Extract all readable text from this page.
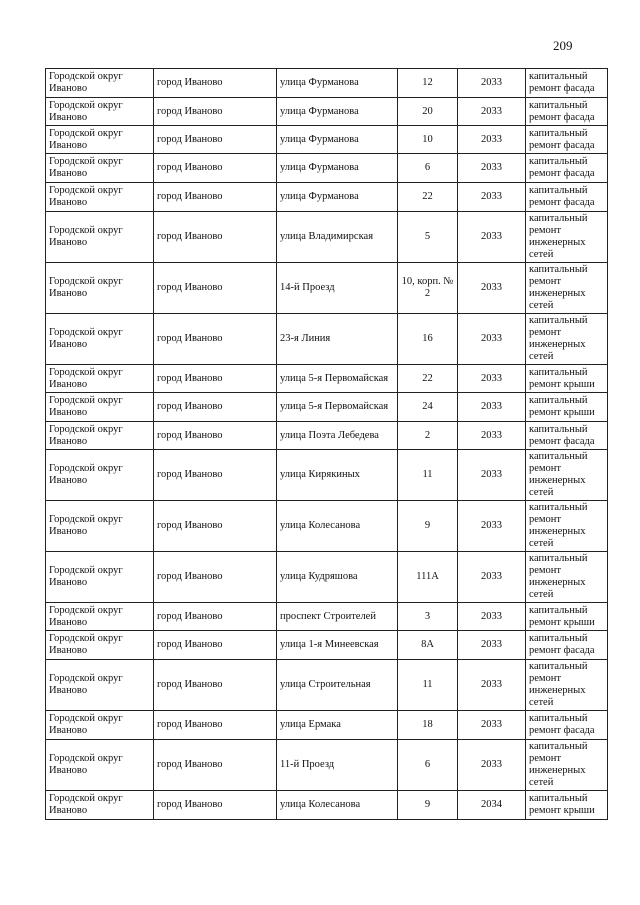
209
Городской округ Иваново	город Иваново	улица Фурманова	12	2033	капитальный ремонт фасада
Городской округ Иваново	город Иваново	улица Фурманова	20	2033	капитальный ремонт фасада
Городской округ Иваново	город Иваново	улица Фурманова	10	2033	капитальный ремонт фасада
Городской округ Иваново	город Иваново	улица Фурманова	6	2033	капитальный ремонт фасада
Городской округ Иваново	город Иваново	улица Фурманова	22	2033	капитальный ремонт фасада
Городской округ Иваново	город Иваново	улица Владимирская	5	2033	капитальный ремонт инженерных сетей
Городской округ Иваново	город Иваново	14-й Проезд	10, корп. № 2	2033	капитальный ремонт инженерных сетей
Городской округ Иваново	город Иваново	23-я Линия	16	2033	капитальный ремонт инженерных сетей
Городской округ Иваново	город Иваново	улица 5-я Первомайская	22	2033	капитальный ремонт крыши
Городской округ Иваново	город Иваново	улица 5-я Первомайская	24	2033	капитальный ремонт крыши
Городской округ Иваново	город Иваново	улица Поэта Лебедева	2	2033	капитальный ремонт фасада
Городской округ Иваново	город Иваново	улица Кирякиных	11	2033	капитальный ремонт инженерных сетей
Городской округ Иваново	город Иваново	улица Колесанова	9	2033	капитальный ремонт инженерных сетей
Городской округ Иваново	город Иваново	улица Кудряшова	111А	2033	капитальный ремонт инженерных сетей
Городской округ Иваново	город Иваново	проспект Строителей	3	2033	капитальный ремонт крыши
Городской округ Иваново	город Иваново	улица 1-я Минеевская	8А	2033	капитальный ремонт фасада
Городской округ Иваново	город Иваново	улица Строительная	11	2033	капитальный ремонт инженерных сетей
Городской округ Иваново	город Иваново	улица Ермака	18	2033	капитальный ремонт фасада
Городской округ Иваново	город Иваново	11-й Проезд	6	2033	капитальный ремонт инженерных сетей
Городской округ Иваново	город Иваново	улица Колесанова	9	2034	капитальный ремонт крыши
